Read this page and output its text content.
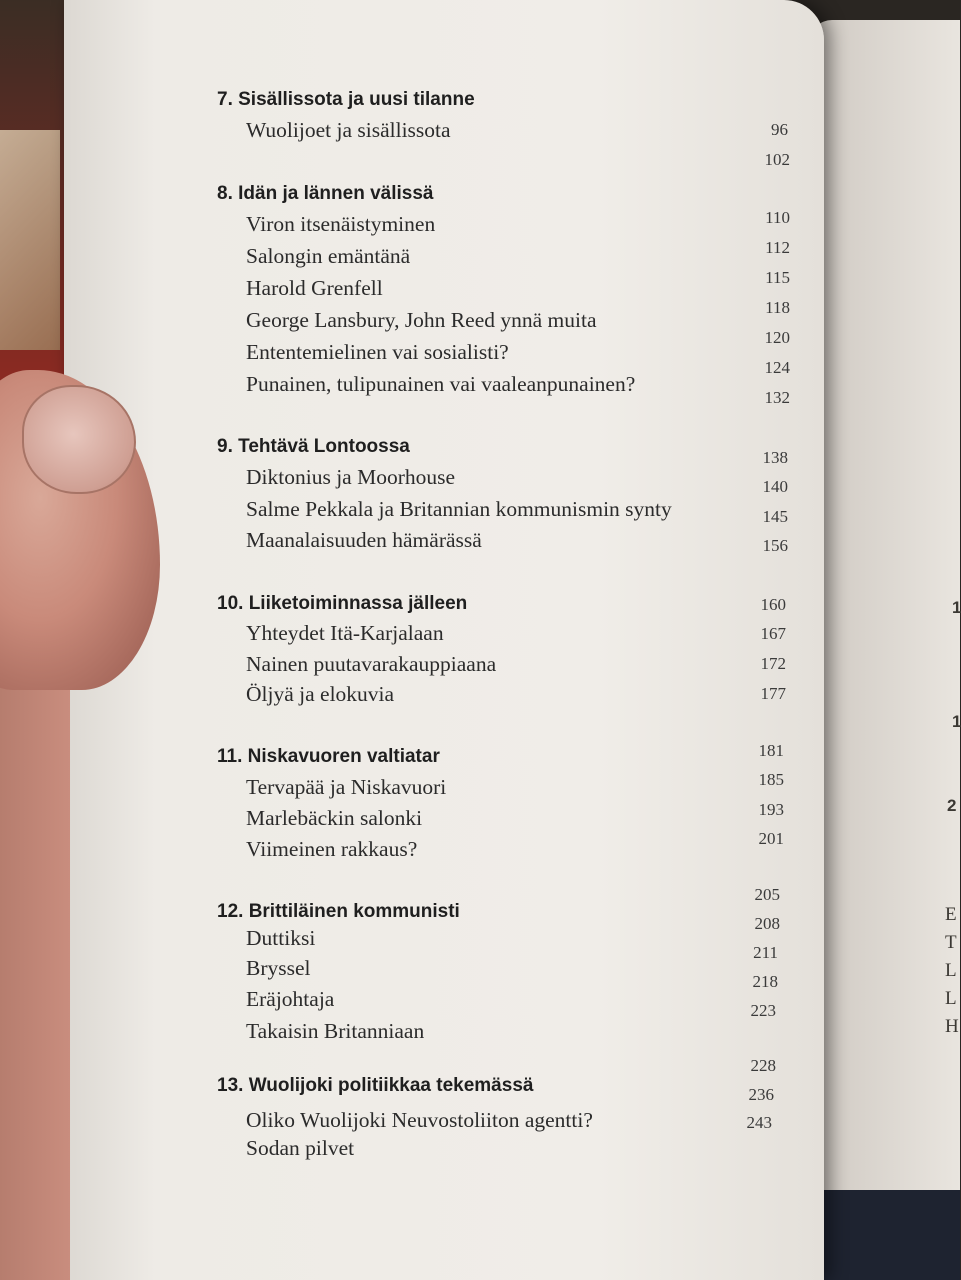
1
1
2
E
T
L
L
H
7. Sisällissota ja uusi tilanne
Wuolijoet ja sisällissota	96
102
8. Idän ja lännen välissä
Viron itsenäistyminen
Salongin emäntänä
Harold Grenfell
George Lansbury, John Reed ynnä muita
Ententemielinen vai sosialisti?
Punainen, tulipunainen vai vaaleanpunainen?
110
112
115
118
120
124
132
9. Tehtävä Lontoossa
Diktonius ja Moorhouse
Salme Pekkala ja Britannian kommunismin synty
Maanalaisuuden hämärässä
138
140
145
156
10. Liiketoiminnassa jälleen
Yhteydet Itä-Karjalaan
Nainen puutavarakauppiaana
Öljyä ja elokuvia
160
167
172
177
11. Niskavuoren valtiatar
Tervapää ja Niskavuori
Marlebäckin salonki
Viimeinen rakkaus?
181
185
193
201
12. Brittiläinen kommunisti
Duttiksi
Bryssel
Eräjohtaja
Takaisin Britanniaan
205
208
211
218
223
13. Wuolijoki politiikkaa tekemässä
Oliko Wuolijoki Neuvostoliiton agentti?
Sodan pilvet
228
236
243
